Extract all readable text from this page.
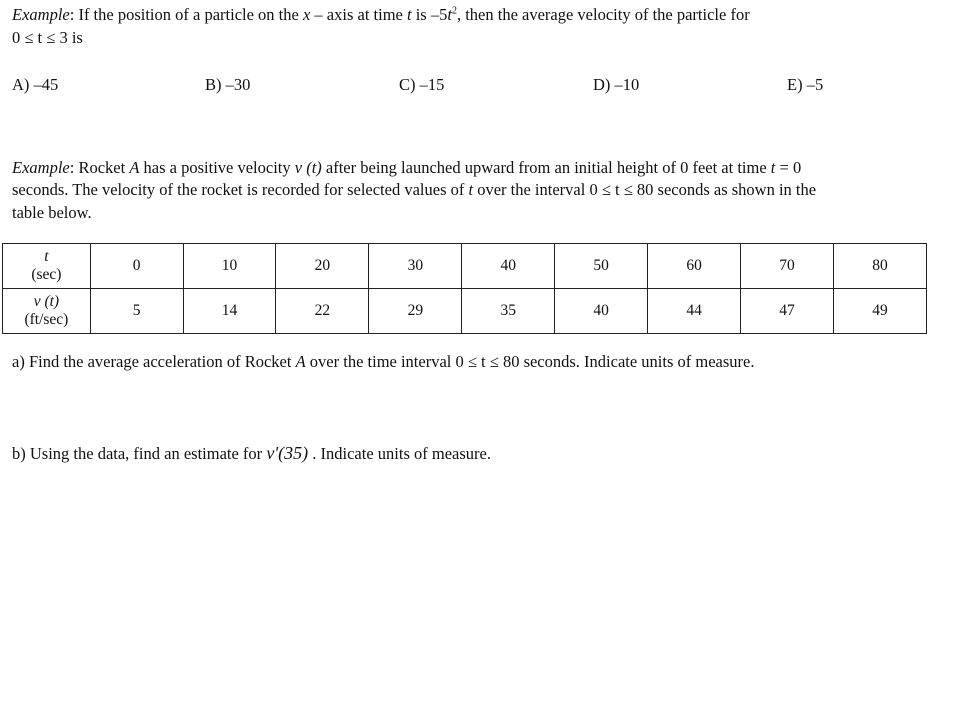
Example: If the position of a particle on the x – axis at time t is $-5t^2$, then the average velocity of the particle for
0 ≤ t ≤ 3 is
A) –45	B) –30	C) –15	D) –10	E) –5
Example: Rocket A has a positive velocity v (t) after being launched upward from an initial height of 0 feet at time t = 0
seconds. The velocity of the rocket is recorded for selected values of t over the interval 0 ≤ t ≤ 80 seconds as shown in the
table below.
t
(sec)	0	10	20	30	40	50	60	70	80

v (t)
(ft/sec)	5	14	22	29	35	40	44	47	49
a) Find the average acceleration of Rocket A over the time interval 0 ≤ t ≤ 80 seconds. Indicate units of measure.
b) Using the data, find an estimate for v'(35) . Indicate units of measure.
